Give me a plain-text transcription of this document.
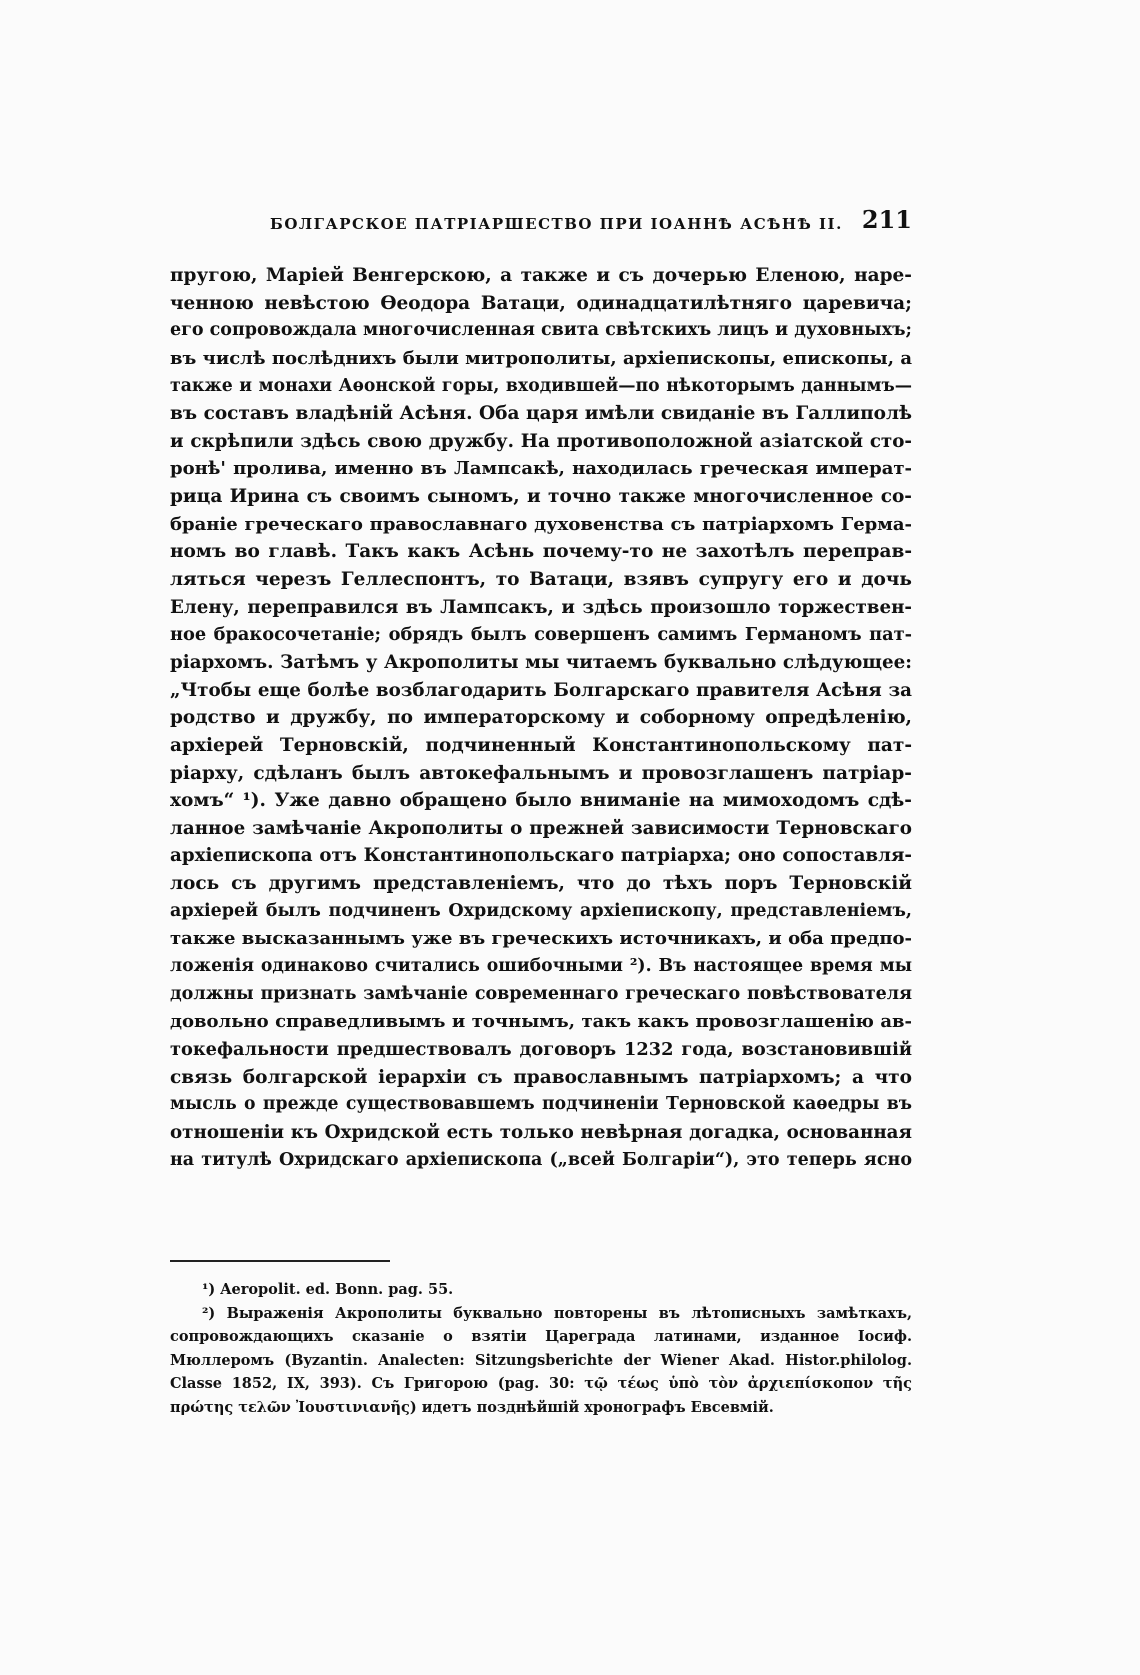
БОЛГАРСКОЕ ПАТРІАРШЕСТВО ПРИ ІОАННѢ АСѢНѢ II. 211
пругою, Маріей Венгерскою, а также и съ дочерью Еленою, наре-
ченною невѣстою Ѳеодора Ватаци, одинадцатилѣтняго царевича;
его сопровождала многочисленная свита свѣтскихъ лицъ и духовныхъ;
въ числѣ послѣднихъ были митрополиты, архіепископы, епископы, а
также и монахи Аѳонской горы, входившей—по нѣкоторымъ даннымъ—
въ составъ владѣній Асѣня. Оба царя имѣли свиданіе въ Галлиполѣ
и скрѣпили здѣсь свою дружбу. На противоположной азіатской сто-
ронѣ' пролива, именно въ Лампсакѣ, находилась греческая императ-
рица Ирина съ своимъ сыномъ, и точно также многочисленное со-
браніе греческаго православнаго духовенства съ патріархомъ Герма-
номъ во главѣ. Такъ какъ Асѣнь почему-то не захотѣлъ переправ-
ляться черезъ Геллеспонтъ, то Ватаци, взявъ супругу его и дочь
Елену, переправился въ Лампсакъ, и здѣсь произошло торжествен-
ное бракосочетаніе; обрядъ былъ совершенъ самимъ Германомъ пат-
ріархомъ. Затѣмъ у Акрополиты мы читаемъ буквально слѣдующее:
„Чтобы еще болѣе возблагодарить Болгарскаго правителя Асѣня за
родство и дружбу, по императорскому и соборному опредѣленію,
архіерей Терновскій, подчиненный Константинопольскому пат-
ріарху, сдѣланъ былъ автокефальнымъ и провозглашенъ патріар-
хомъ“ ¹). Уже давно обращено было вниманіе на мимоходомъ сдѣ-
ланное замѣчаніе Акрополиты о прежней зависимости Терновскаго
архіепископа отъ Константинопольскаго патріарха; оно сопоставля-
лось съ другимъ представленіемъ, что до тѣхъ поръ Терновскій
архіерей былъ подчиненъ Охридскому архіепископу, представленіемъ,
также высказаннымъ уже въ греческихъ источникахъ, и оба предпо-
ложенія одинаково считались ошибочными ²). Въ настоящее время мы
должны признать замѣчаніе современнаго греческаго повѣствователя
довольно справедливымъ и точнымъ, такъ какъ провозглашенію ав-
токефальности предшествовалъ договоръ 1232 года, возстановившій
связь болгарской іерархіи съ православнымъ патріархомъ; а что
мысль о прежде существовавшемъ подчиненіи Терновской каѳедры въ
отношеніи къ Охридской есть только невѣрная догадка, основанная
на титулѣ Охридскаго архіепископа („всей Болгаріи“), это теперь ясно
¹) Aeropolit. ed. Bonn. pag. 55.
²) Выраженія Акрополиты буквально повторены въ лѣтописныхъ замѣткахъ,
сопровождающихъ сказаніе о взятіи Цареграда латинами, изданное Іосиф.
Мюллеромъ (Byzantin. Analecten: Sitzungsberichte der Wiener Akad. Histor.philolog.
Classe 1852, IX, 393). Съ Григорою (pag. 30: τῷ τέως ὑπὸ τὸν ἀρχιεπίσκοπον τῆς
πρώτης τελῶν Ἰουστινιανῆς) идетъ позднѣйшій хронографъ Евсевмій.
